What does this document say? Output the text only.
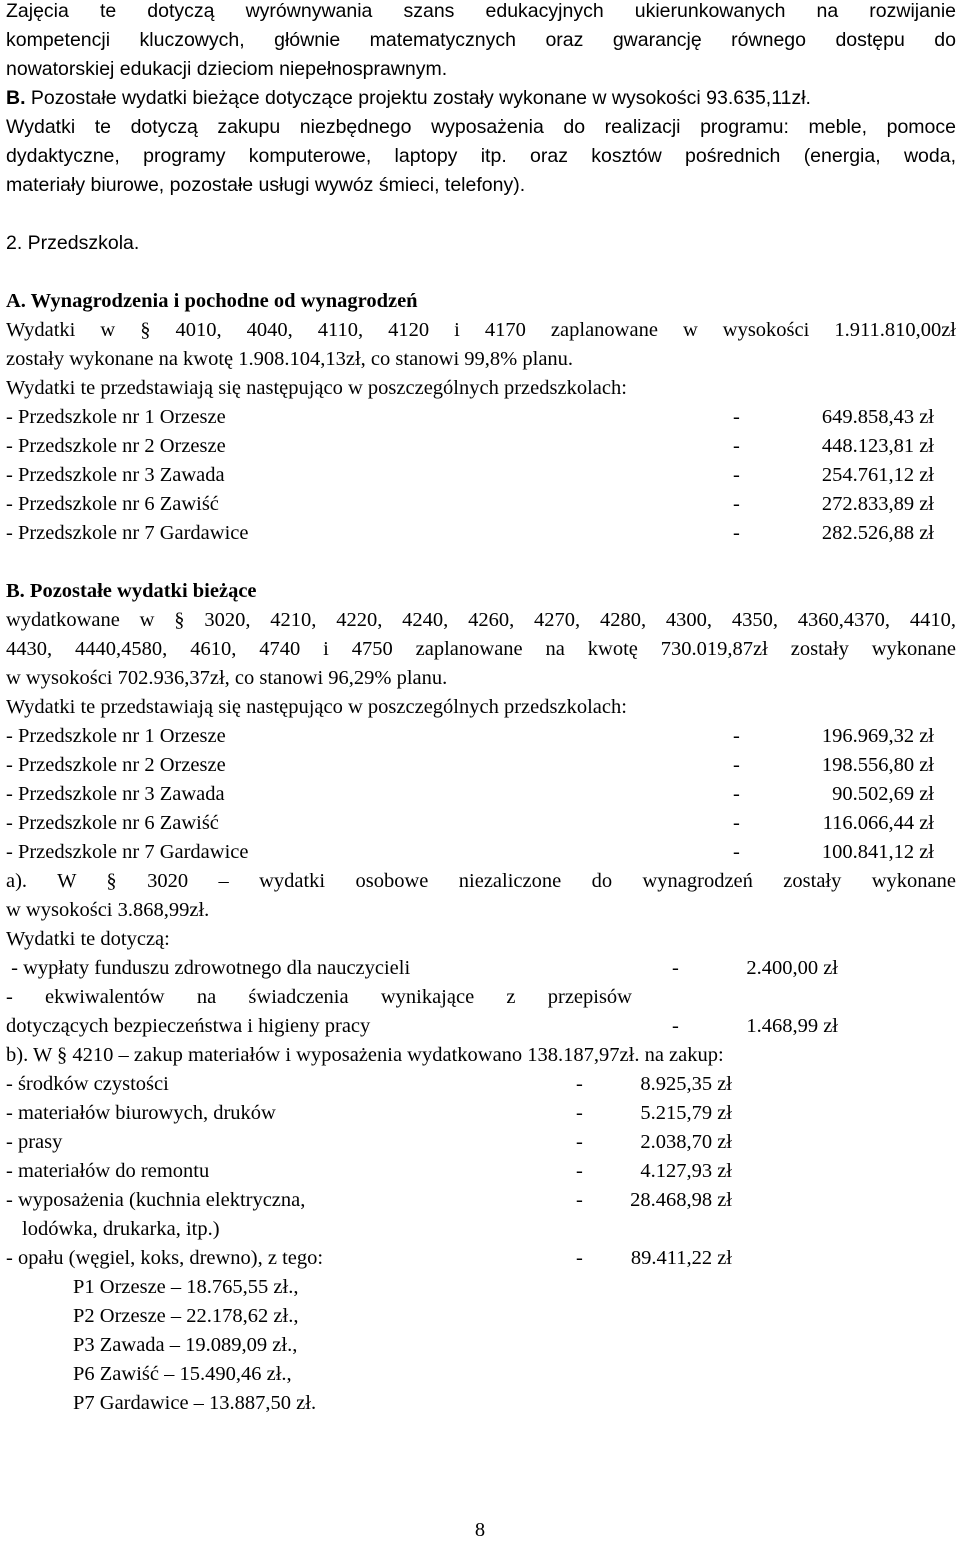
Zajęcia te dotyczą wyrównywania szans edukacyjnych ukierunkowanych na rozwijanie
kompetencji kluczowych, głównie matematycznych oraz gwarancję równego dostępu do
nowatorskiej edukacji dzieciom niepełnosprawnym.
B. Pozostałe wydatki bieżące dotyczące projektu zostały wykonane w wysokości 93.635,11zł.
Wydatki te dotyczą zakupu niezbędnego wyposażenia do realizacji programu: meble, pomoce
dydaktyczne, programy komputerowe, laptopy itp. oraz kosztów pośrednich (energia, woda,
materiały biurowe, pozostałe usługi wywóz śmieci, telefony).
2. Przedszkola.
A. Wynagrodzenia i pochodne od wynagrodzeń
Wydatki w § 4010, 4040, 4110, 4120 i 4170 zaplanowane w wysokości 1.911.810,00zł
zostały wykonane na kwotę 1.908.104,13zł, co stanowi 99,8% planu.
Wydatki te przedstawiają się następująco w poszczególnych przedszkolach:
- Przedszkole nr 1 Orzesze	-	649.858,43 zł
- Przedszkole nr 2 Orzesze	-	448.123,81 zł
- Przedszkole nr 3 Zawada	-	254.761,12 zł
- Przedszkole nr 6 Zawiść	-	272.833,89 zł
- Przedszkole nr 7 Gardawice	-	282.526,88 zł
B. Pozostałe wydatki bieżące
wydatkowane w § 3020, 4210, 4220, 4240, 4260, 4270, 4280, 4300, 4350, 4360,4370, 4410,
4430, 4440,4580, 4610, 4740 i 4750 zaplanowane na kwotę 730.019,87zł zostały wykonane
w wysokości 702.936,37zł, co stanowi 96,29% planu.
Wydatki te przedstawiają się następująco w poszczególnych przedszkolach:
- Przedszkole nr 1 Orzesze	-	196.969,32 zł
- Przedszkole nr 2 Orzesze	-	198.556,80 zł
- Przedszkole nr 3 Zawada	-	90.502,69 zł
- Przedszkole nr 6 Zawiść	-	116.066,44 zł
- Przedszkole nr 7 Gardawice	-	100.841,12 zł
a). W § 3020 – wydatki osobowe niezaliczone do wynagrodzeń zostały wykonane
w wysokości 3.868,99zł.
Wydatki te dotyczą:
- wypłaty funduszu zdrowotnego dla nauczycieli	-	2.400,00 zł
- ekwiwalentów na świadczenia wynikające z przepisów
dotyczących bezpieczeństwa i higieny pracy	-	1.468,99 zł
b). W § 4210 – zakup materiałów i wyposażenia wydatkowano 138.187,97zł. na zakup:
- środków czystości	-	8.925,35 zł
- materiałów biurowych, druków	-	5.215,79 zł
- prasy	-	2.038,70 zł
- materiałów do remontu	-	4.127,93 zł
- wyposażenia (kuchnia elektryczna,	-	28.468,98 zł
lodówka, drukarka, itp.)
- opału (węgiel, koks, drewno), z tego:	-	89.411,22 zł
P1 Orzesze – 18.765,55 zł.,
P2 Orzesze – 22.178,62 zł.,
P3 Zawada – 19.089,09 zł.,
P6 Zawiść – 15.490,46 zł.,
P7 Gardawice – 13.887,50 zł.
8
